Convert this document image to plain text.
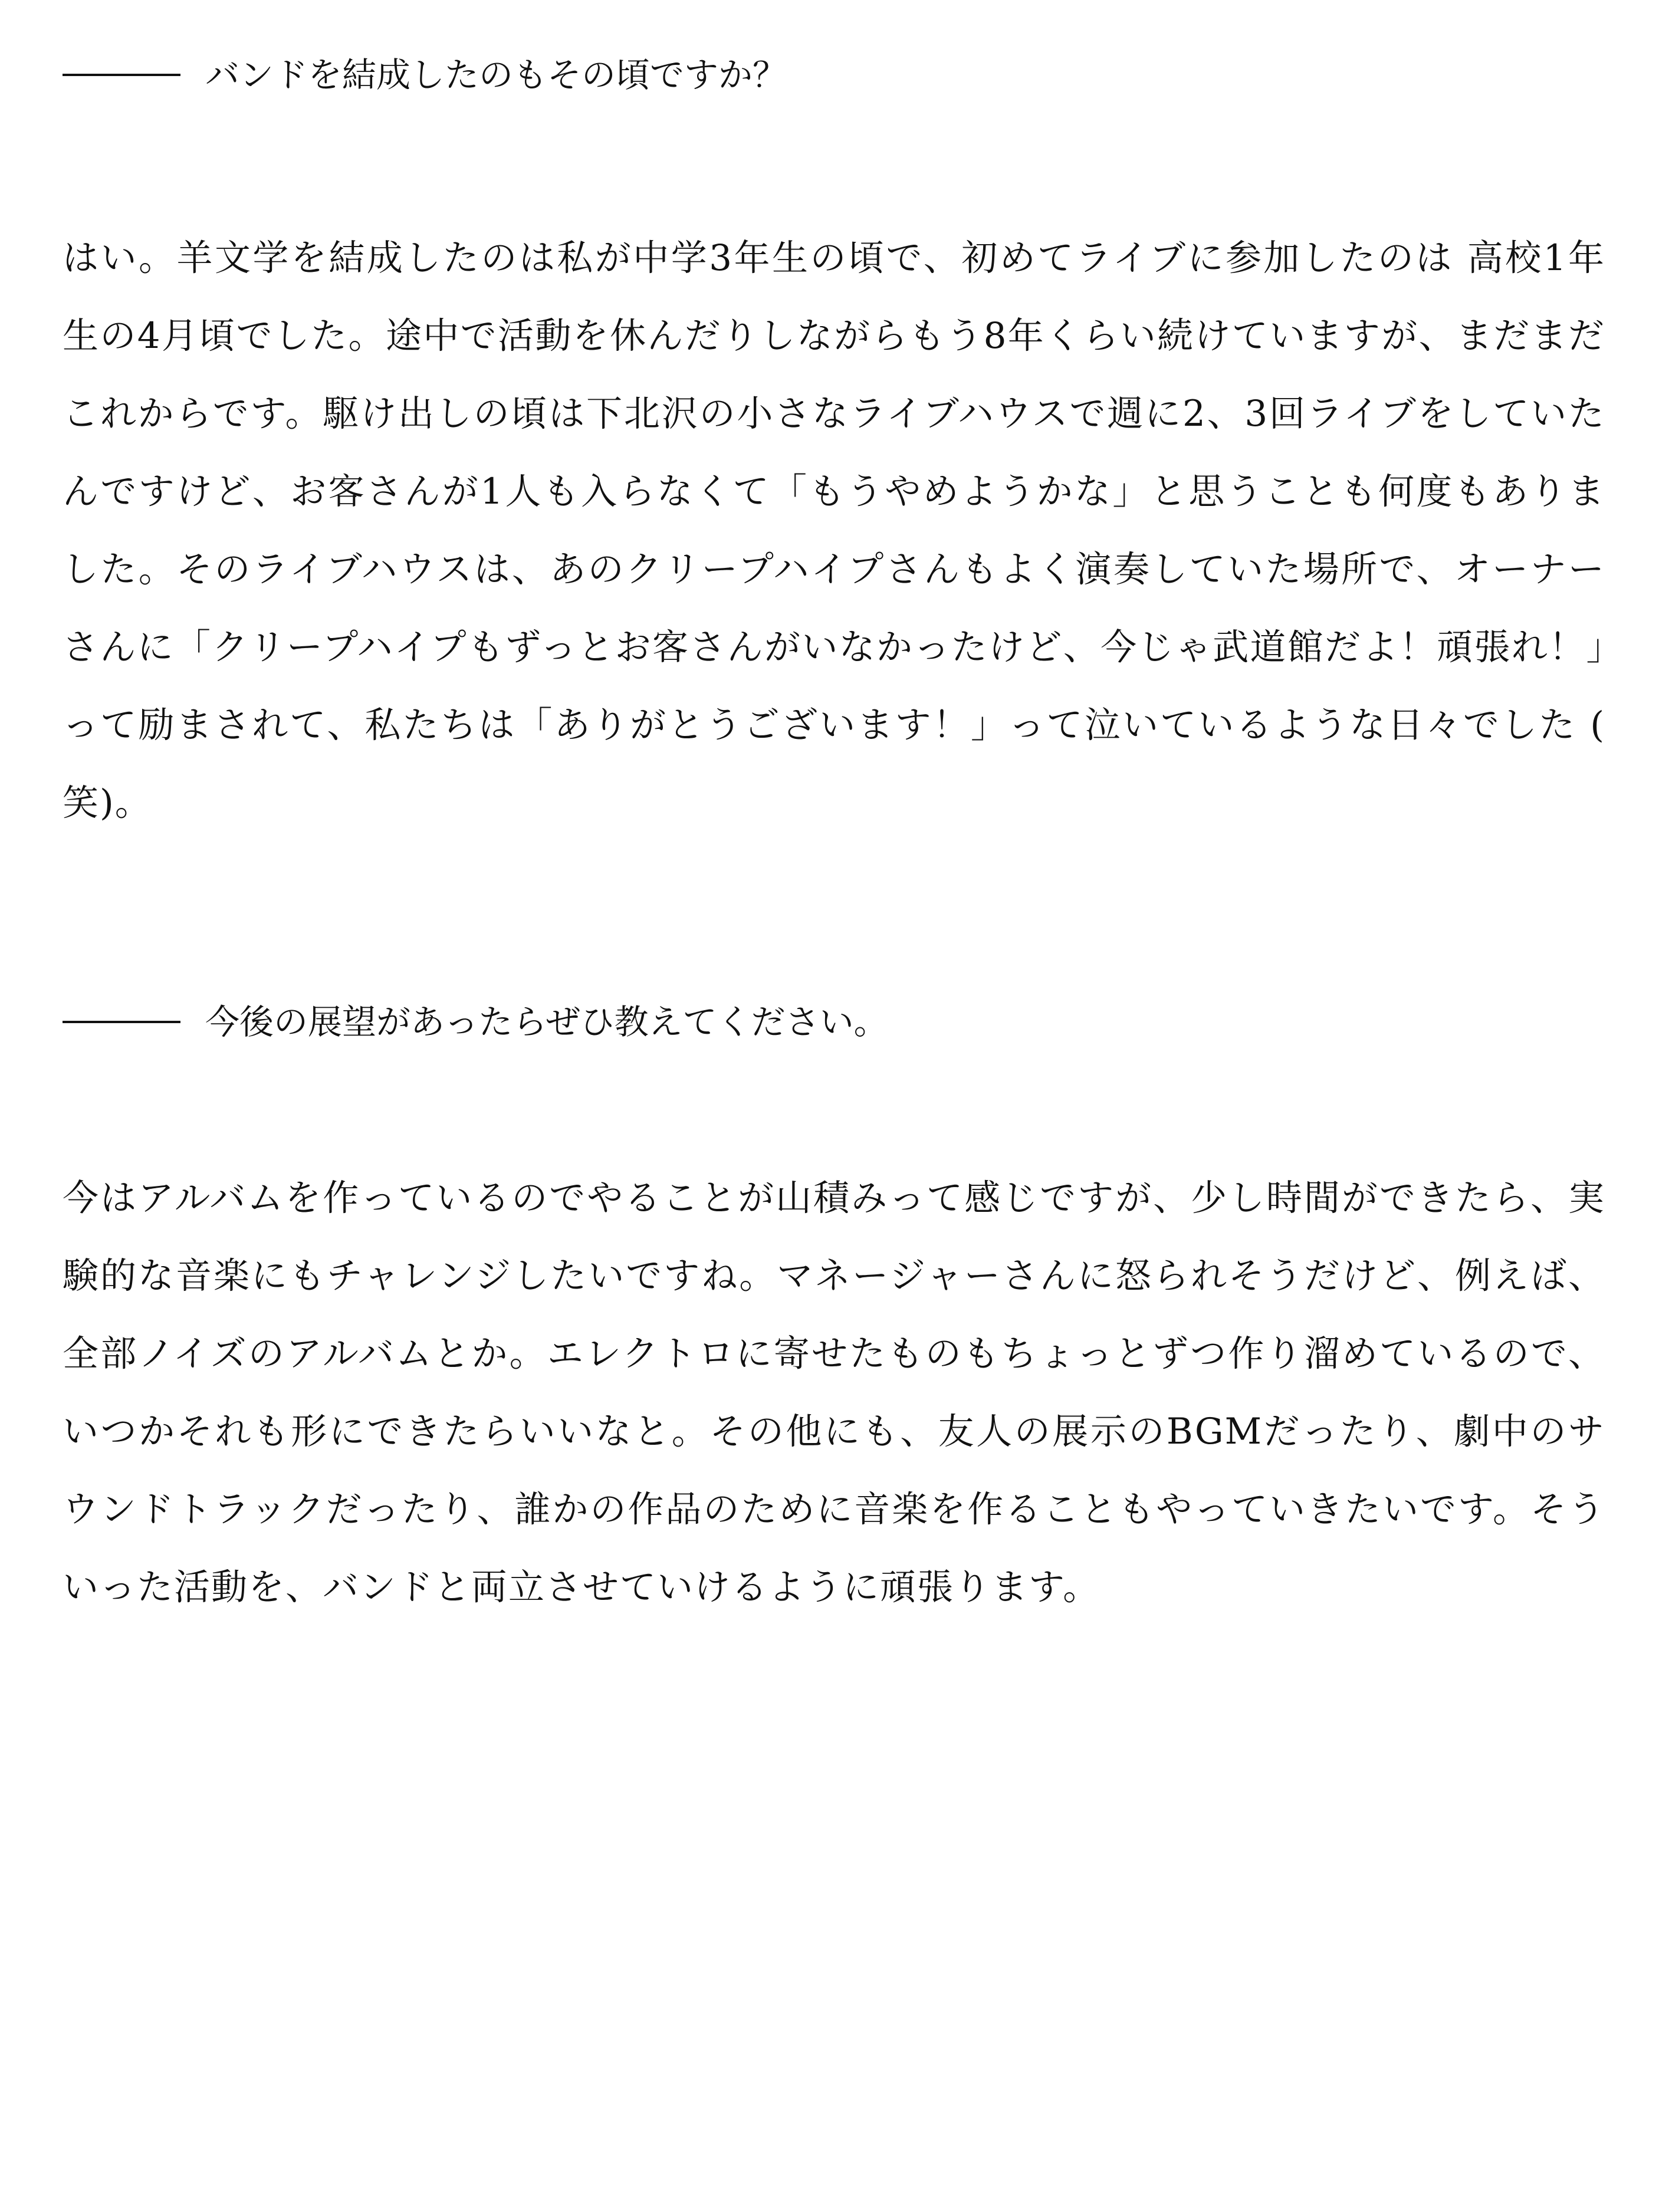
バンドを結成したのもその頃ですか？

はい。羊文学を結成したのは私が中学3年生の頃で、初めてライブに参加したのは 高校1年生の4月頃でした。途中で活動を休んだりしながらもう8年くらい続けていますが、まだまだこれからです。駆け出しの頃は下北沢の小さなライブハウスで週に2、3回ライブをしていたんですけど、お客さんが1人も入らなくて「もうやめようかな」と思うことも何度もありました。そのライブハウスは、あのクリープハイプさんもよく演奏していた場所で、オーナーさんに「クリープハイプもずっとお客さんがいなかったけど、今じゃ武道館だよ！頑張れ！」って励まされて、私たちは「ありがとうございます！」って泣いているような日々でした (笑)。

今後の展望があったらぜひ教えてください。

今はアルバムを作っているのでやることが山積みって感じですが、少し時間ができたら、実験的な音楽にもチャレンジしたいですね。マネージャーさんに怒られそうだけど、例えば、全部ノイズのアルバムとか。エレクトロに寄せたものもちょっとずつ作り溜めているので、いつかそれも形にできたらいいなと。その他にも、友人の展示のBGMだったり、劇中のサウンドトラックだったり、誰かの作品のために音楽を作ることもやっていきたいです。そういった活動を、バンドと両立させていけるように頑張ります。
